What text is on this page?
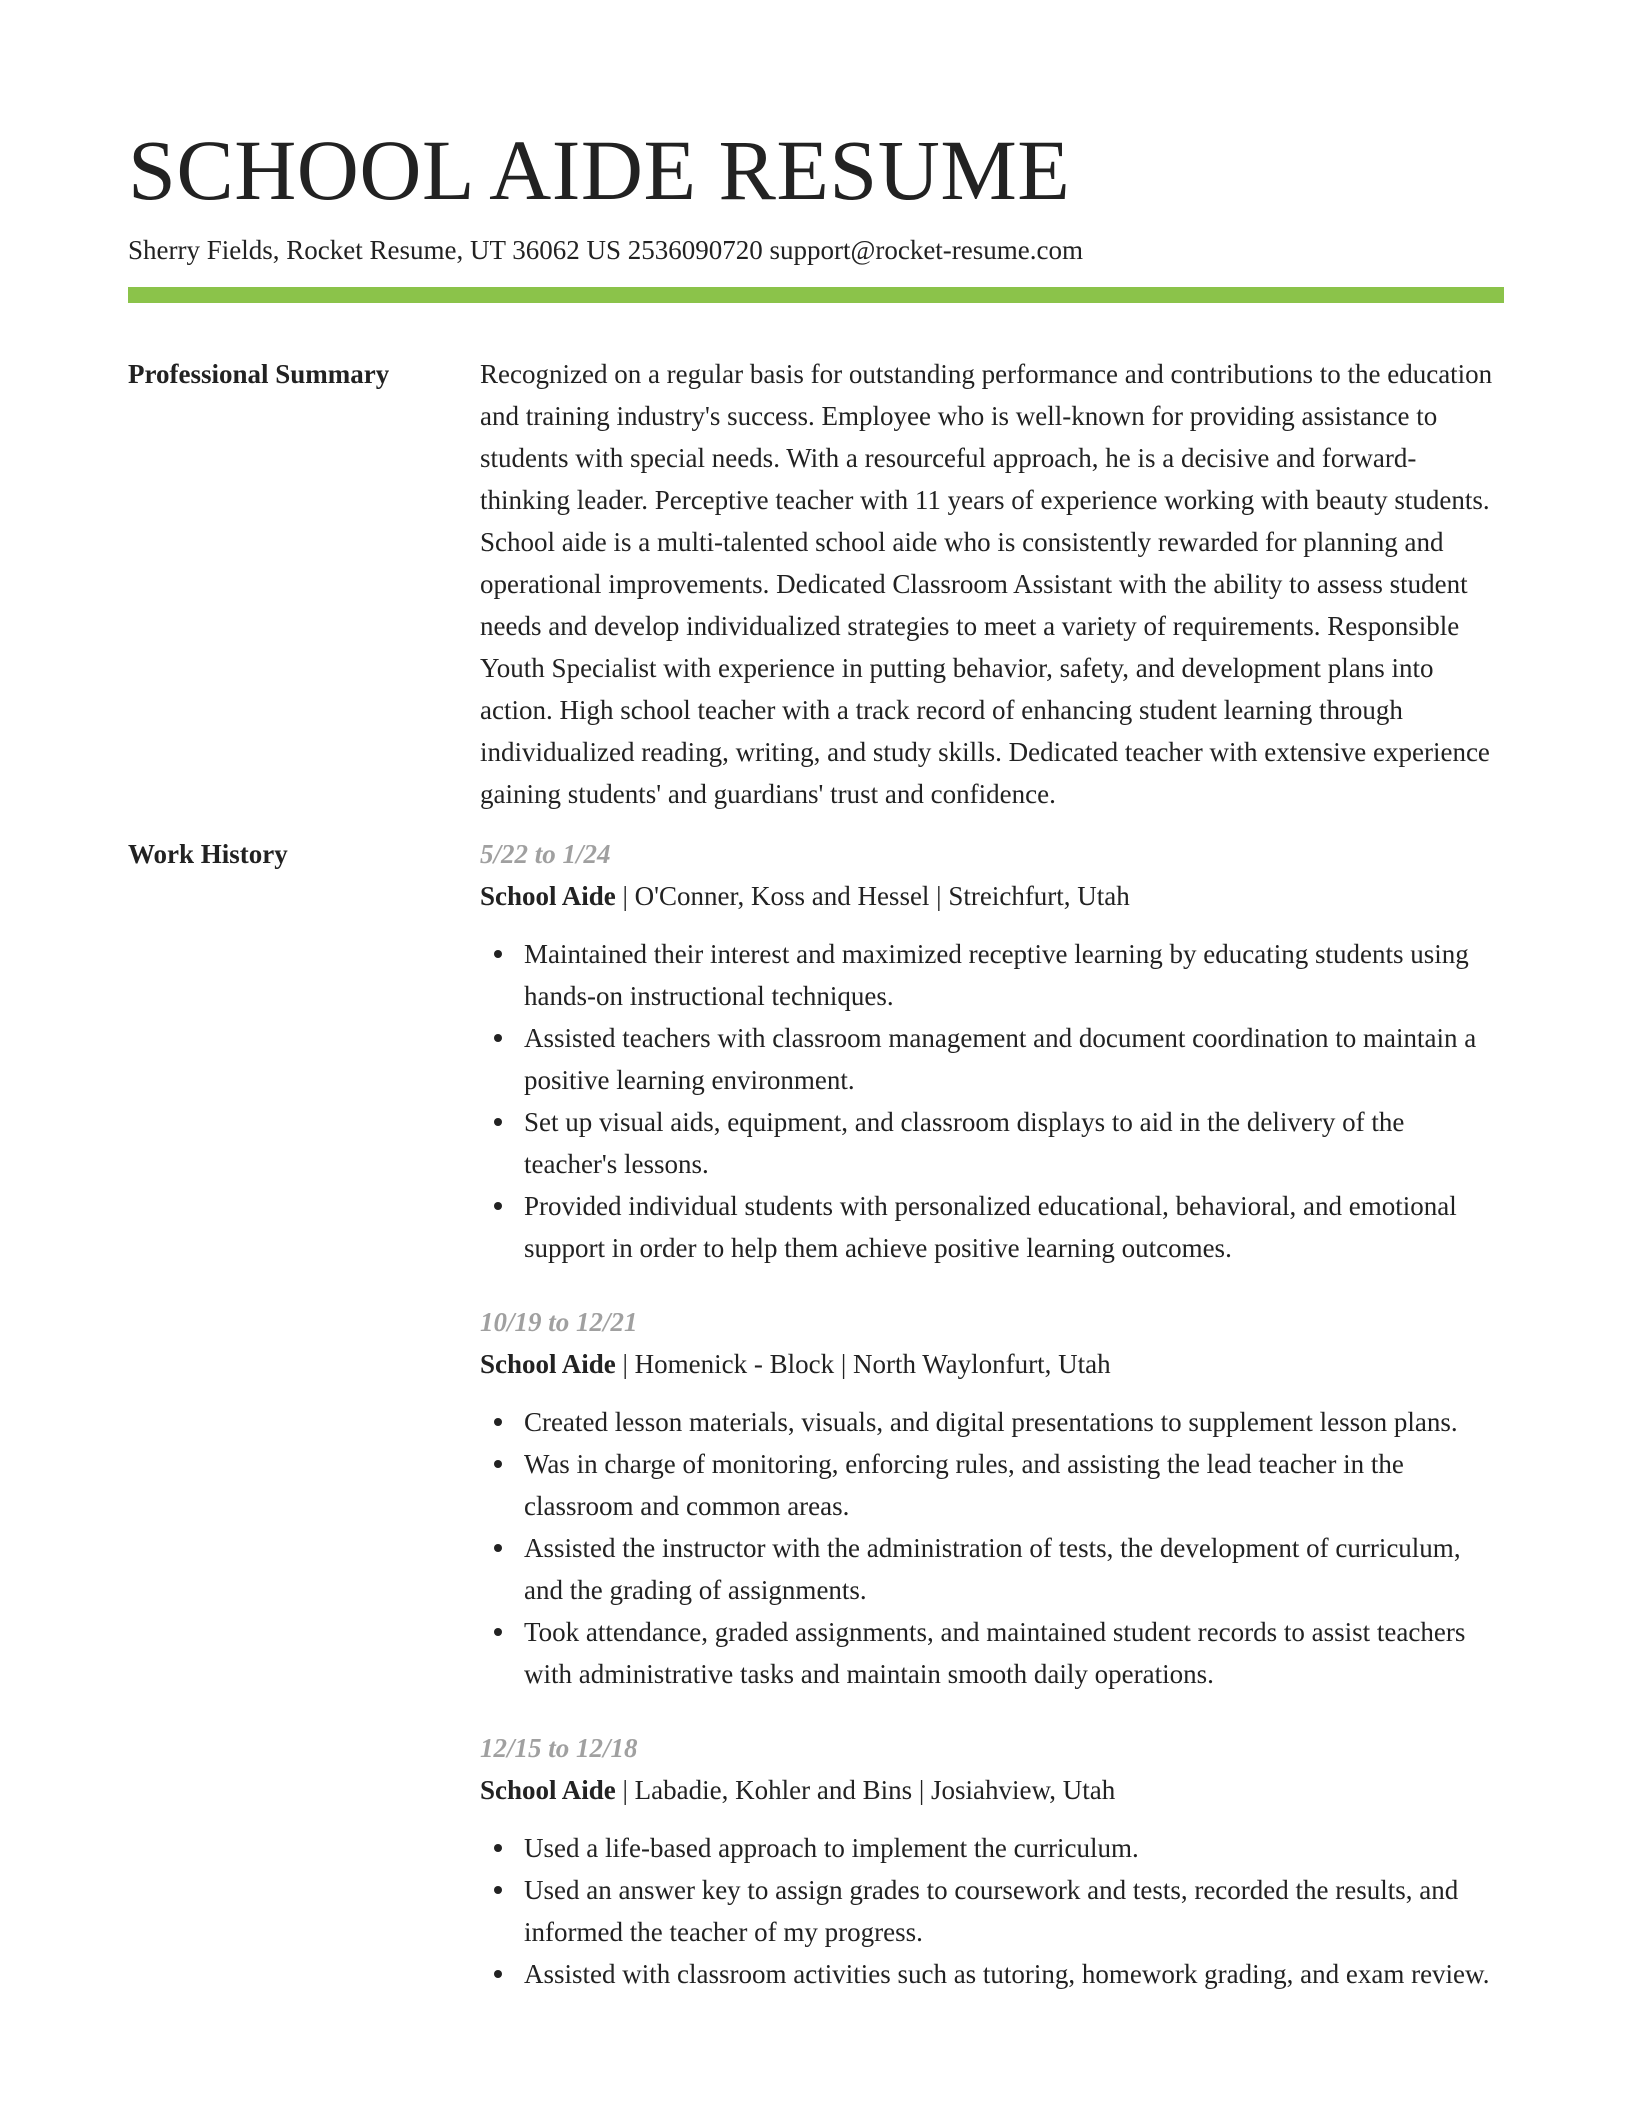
SCHOOL AIDE RESUME
Sherry Fields, Rocket Resume, UT 36062 US 2536090720 support@rocket-resume.com
Professional Summary	Recognized on a regular basis for outstanding performance and contributions to the education and training industry's success. Employee who is well-known for providing assistance to students with special needs. With a resourceful approach, he is a decisive and forward-thinking leader. Perceptive teacher with 11 years of experience working with beauty students. School aide is a multi-talented school aide who is consistently rewarded for planning and operational improvements. Dedicated Classroom Assistant with the ability to assess student needs and develop individualized strategies to meet a variety of requirements. Responsible Youth Specialist with experience in putting behavior, safety, and development plans into action. High school teacher with a track record of enhancing student learning through individualized reading, writing, and study skills. Dedicated teacher with extensive experience gaining students' and guardians' trust and confidence.

Work History	5/22 to 1/24
School Aide | O'Conner, Koss and Hessel | Streichfurt, Utah
Maintained their interest and maximized receptive learning by educating students using hands-on instructional techniques.
Assisted teachers with classroom management and document coordination to maintain a positive learning environment.
Set up visual aids, equipment, and classroom displays to aid in the delivery of the teacher's lessons.
Provided individual students with personalized educational, behavioral, and emotional support in order to help them achieve positive learning outcomes.
10/19 to 12/21
School Aide | Homenick - Block | North Waylonfurt, Utah
Created lesson materials, visuals, and digital presentations to supplement lesson plans.
Was in charge of monitoring, enforcing rules, and assisting the lead teacher in the classroom and common areas.
Assisted the instructor with the administration of tests, the development of curriculum, and the grading of assignments.
Took attendance, graded assignments, and maintained student records to assist teachers with administrative tasks and maintain smooth daily operations.
12/15 to 12/18
School Aide | Labadie, Kohler and Bins | Josiahview, Utah
Used a life-based approach to implement the curriculum.
Used an answer key to assign grades to coursework and tests, recorded the results, and informed the teacher of my progress.
Assisted with classroom activities such as tutoring, homework grading, and exam review.
